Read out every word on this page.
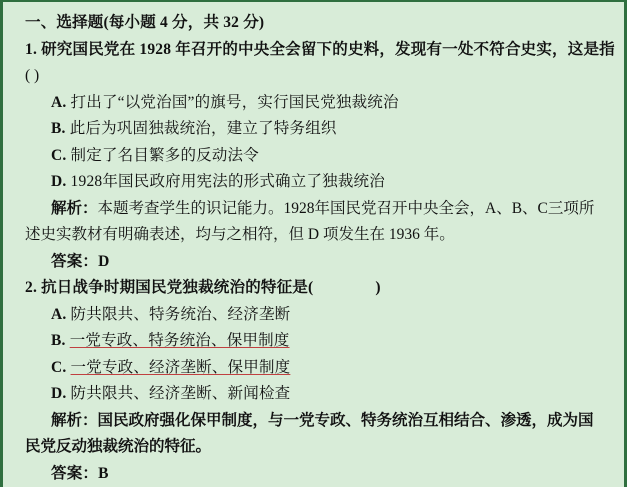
一、选择题(每小题 4 分，共 32 分)
1. 研究国民党在 1928 年召开的中央全会留下的史料，发现有一处不符合史实，这是指
( )
A. 打出了“以党治国”的旗号，实行国民党独裁统治
B. 此后为巩固独裁统治，建立了特务组织
C. 制定了名目繁多的反动法令
D. 1928年国民政府用宪法的形式确立了独裁统治
解析：本题考查学生的识记能力。1928年国民党召开中央全会，A、B、C三项所述史实教材有明确表述，均与之相符，但 D 项发生在 1936 年。
答案：D
2. 抗日战争时期国民党独裁统治的特征是(	)
A. 防共限共、特务统治、经济垄断
B. 一党专政、特务统治、保甲制度
C. 一党专政、经济垄断、保甲制度
D. 防共限共、经济垄断、新闻检查
解析：国民政府强化保甲制度，与一党专政、特务统治互相结合、渗透，成为国民党反动独裁统治的特征。
答案：B
